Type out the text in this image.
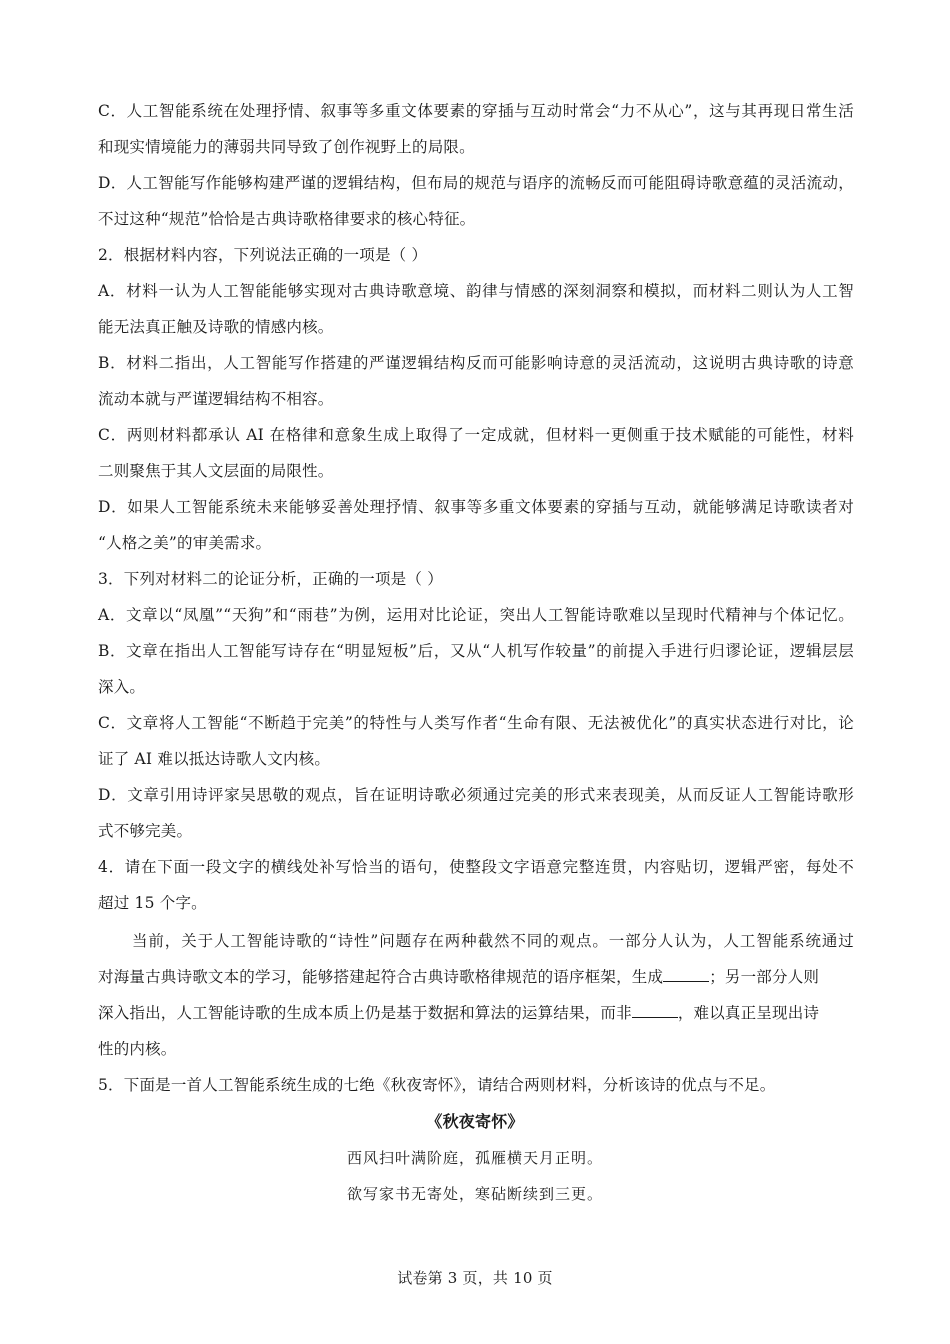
C．人工智能系统在处理抒情、叙事等多重文体要素的穿插与互动时常会“力不从心”，这与其再现日常生活
和现实情境能力的薄弱共同导致了创作视野上的局限。
D．人工智能写作能够构建严谨的逻辑结构，但布局的规范与语序的流畅反而可能阻碍诗歌意蕴的灵活流动，
不过这种“规范”恰恰是古典诗歌格律要求的核心特征。
2．根据材料内容，下列说法正确的一项是（ ）
A．材料一认为人工智能能够实现对古典诗歌意境、韵律与情感的深刻洞察和模拟，而材料二则认为人工智
能无法真正触及诗歌的情感内核。
B．材料二指出，人工智能写作搭建的严谨逻辑结构反而可能影响诗意的灵活流动，这说明古典诗歌的诗意
流动本就与严谨逻辑结构不相容。
C．两则材料都承认 AI 在格律和意象生成上取得了一定成就，但材料一更侧重于技术赋能的可能性，材料
二则聚焦于其人文层面的局限性。
D．如果人工智能系统未来能够妥善处理抒情、叙事等多重文体要素的穿插与互动，就能够满足诗歌读者对
“人格之美”的审美需求。
3．下列对材料二的论证分析，正确的一项是（ ）
A．文章以“凤凰”“天狗”和“雨巷”为例，运用对比论证，突出人工智能诗歌难以呈现时代精神与个体记忆。
B．文章在指出人工智能写诗存在“明显短板”后，又从“人机写作较量”的前提入手进行归谬论证，逻辑层层
深入。
C．文章将人工智能“不断趋于完美”的特性与人类写作者“生命有限、无法被优化”的真实状态进行对比，论
证了 AI 难以抵达诗歌人文内核。
D．文章引用诗评家吴思敬的观点，旨在证明诗歌必须通过完美的形式来表现美，从而反证人工智能诗歌形
式不够完美。
4．请在下面一段文字的横线处补写恰当的语句，使整段文字语意完整连贯，内容贴切，逻辑严密，每处不
超过 15 个字。
当前，关于人工智能诗歌的“诗性”问题存在两种截然不同的观点。一部分人认为，人工智能系统通过
对海量古典诗歌文本的学习，能够搭建起符合古典诗歌格律规范的语序框架，生成	；另一部分人则
深入指出，人工智能诗歌的生成本质上仍是基于数据和算法的运算结果，而非	，难以真正呈现出诗
性的内核。
5．下面是一首人工智能系统生成的七绝《秋夜寄怀》，请结合两则材料，分析该诗的优点与不足。
《秋夜寄怀》
西风扫叶满阶庭，孤雁横天月正明。
欲写家书无寄处，寒砧断续到三更。
试卷第 3 页，共 10 页
